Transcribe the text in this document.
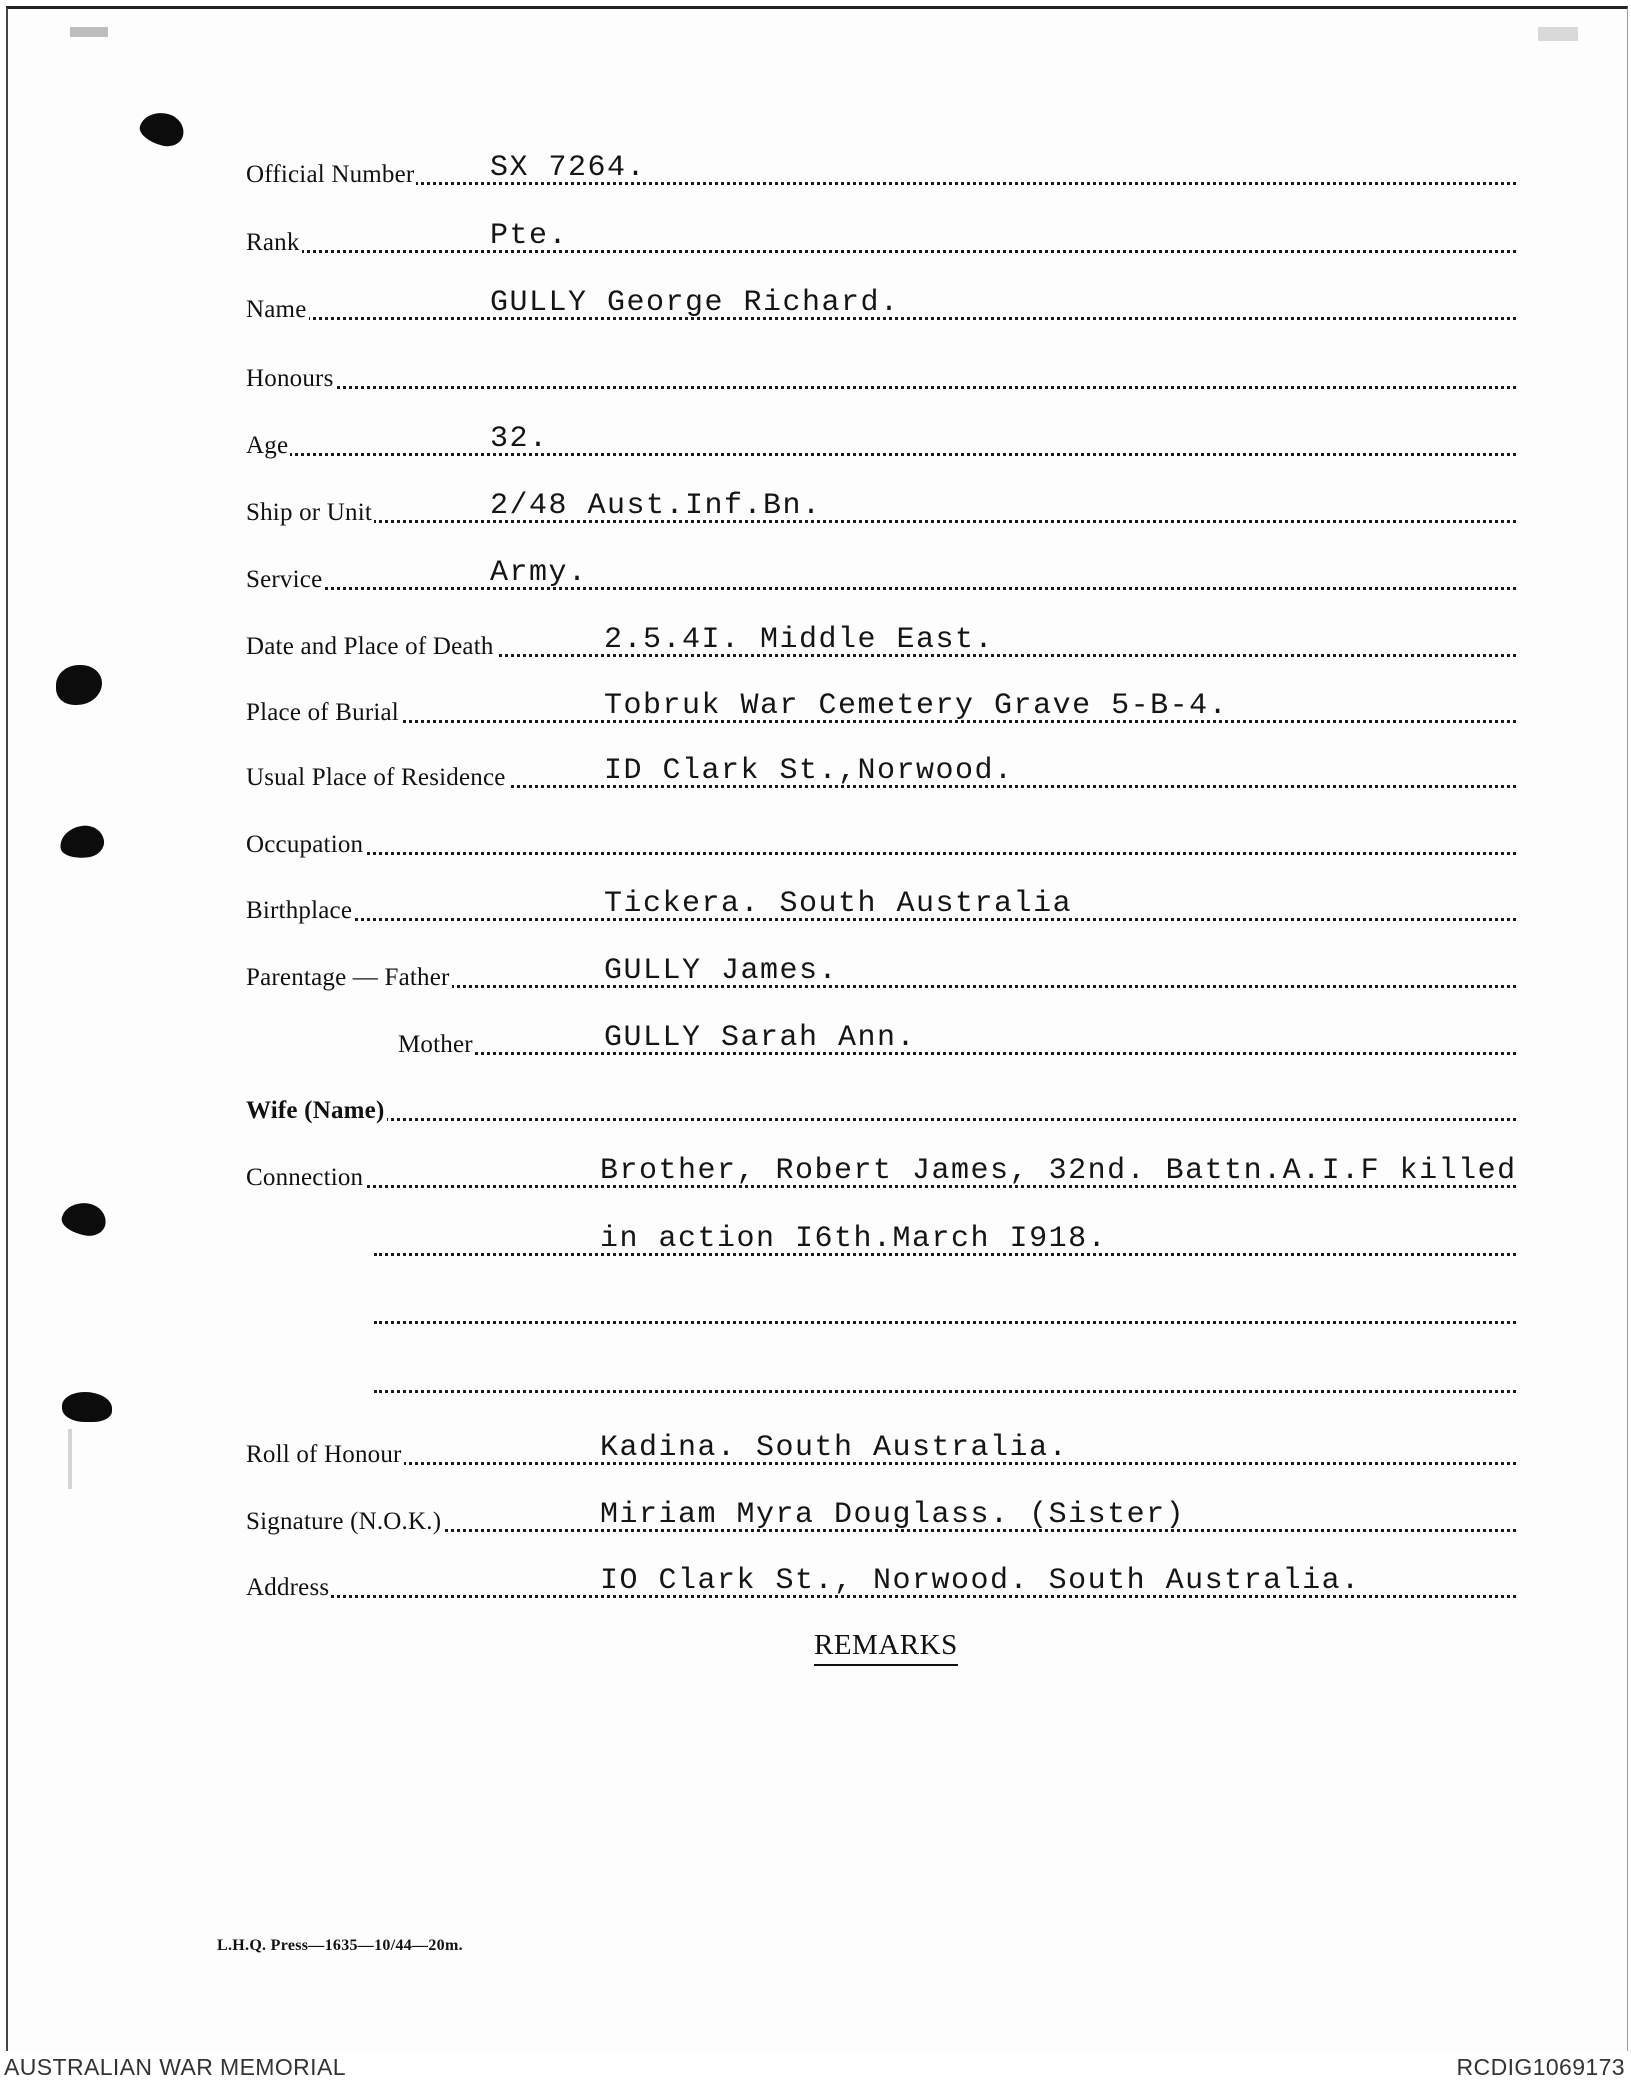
Official Number	SX 7264.
Rank	Pte.
Name	GULLY George Richard.
Honours
Age	32.
Ship or Unit	2/48 Aust.Inf.Bn.
Service	Army.
Date and Place of Death	2.5.4I. Middle East.
Place of Burial	Tobruk War Cemetery Grave 5-B-4.
Usual Place of Residence	ID Clark St.,Norwood.
Occupation
Birthplace	Tickera. South Australia
Parentage — Father	GULLY James.
Mother	GULLY Sarah Ann.
Wife (Name)
Connection	Brother, Robert James, 32nd. Battn.A.I.F killed
in action I6th.March I918.
Roll of Honour	Kadina. South Australia.
Signature (N.O.K.)	Miriam Myra Douglass. (Sister)
Address	IO Clark St., Norwood. South Australia.
REMARKS
L.H.Q. Press—1635—10/44—20m.
AUSTRALIAN WAR MEMORIAL	RCDIG1069173
